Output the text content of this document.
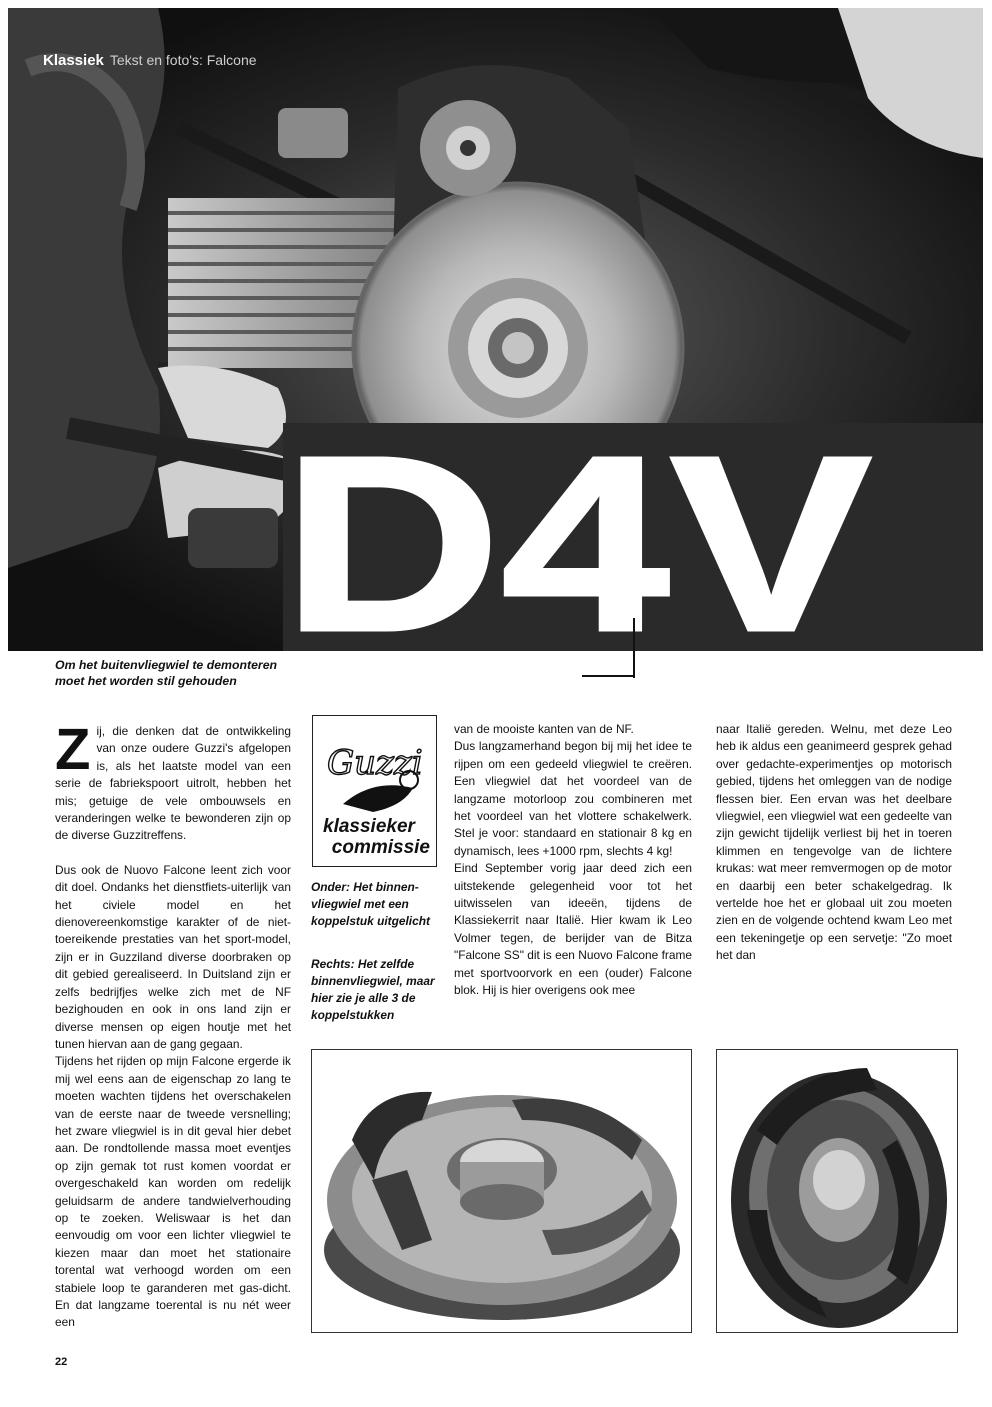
Klassiek Tekst en foto's: Falcone
D4V
Om het buitenvliegwiel te demonteren moet het worden stil gehouden

Zij, die denken dat de ontwikkeling van onze oudere Guzzi's afgelopen is, als het laatste model van een serie de fabriekspoort uitrolt, hebben het mis; getuige de vele ombouwsels en veranderingen welke te bewonderen zijn op de diverse Guzzitreffens.

Dus ook de Nuovo Falcone leent zich voor dit doel. Ondanks het dienstfiets-uiterlijk van het civiele model en het dienovereenkomstige karakter of de niet-toereikende prestaties van het sport-model, zijn er in Guzziland diverse doorbraken op dit gebied gerealiseerd. In Duitsland zijn er zelfs bedrijfjes welke zich met de NF bezighouden en ook in ons land zijn er diverse mensen op eigen houtje met het tunen hiervan aan de gang gegaan.

Tijdens het rijden op mijn Falcone ergerde ik mij wel eens aan de eigenschap zo lang te moeten wachten tijdens het overschakelen van de eerste naar de tweede versnelling; het zware vliegwiel is in dit geval hier debet aan. De rondtollende massa moet eventjes op zijn gemak tot rust komen voordat er overgeschakeld kan worden om redelijk geluidsarm de andere tandwielverhouding op te zoeken. Weliswaar is het dan eenvoudig om voor een lichter vliegwiel te kiezen maar dan moet het stationaire torental wat verhoogd worden om een stabiele loop te garanderen met gas-dicht. En dat langzame toerental is nu nét weer een

Guzzi
klassieker
commissie
Onder: Het binnen-vliegwiel met een koppelstuk uitgelicht
Rechts: Het zelfde binnenvliegwiel, maar hier zie je alle 3 de koppelstukken

van de mooiste kanten van de NF.

Dus langzamerhand begon bij mij het idee te rijpen om een gedeeld vliegwiel te creëren. Een vliegwiel dat het voordeel van de langzame motorloop zou combineren met het voordeel van het vlottere schakelwerk. Stel je voor: standaard en stationair 8 kg en dynamisch, lees +1000 rpm, slechts 4 kg!

Eind September vorig jaar deed zich een uitstekende gelegenheid voor tot het uitwisselen van ideeën, tijdens de Klassiekerrit naar Italië. Hier kwam ik Leo Volmer tegen, de berijder van de Bitza "Falcone SS" dit is een Nuovo Falcone frame met sportvoorvork en een (ouder) Falcone blok. Hij is hier overigens ook mee

naar Italië gereden. Welnu, met deze Leo heb ik aldus een geanimeerd gesprek gehad over gedachte-experimentjes op motorisch gebied, tijdens het omleggen van de nodige flessen bier. Een ervan was het deelbare vliegwiel, een vliegwiel wat een gedeelte van zijn gewicht tijdelijk verliest bij het in toeren klimmen en tengevolge van de lichtere krukas: wat meer remvermogen op de motor en daarbij een beter schakelgedrag. Ik vertelde hoe het er globaal uit zou moeten zien en de volgende ochtend kwam Leo met een tekeningetje op een servetje: "Zo moet het dan

22
